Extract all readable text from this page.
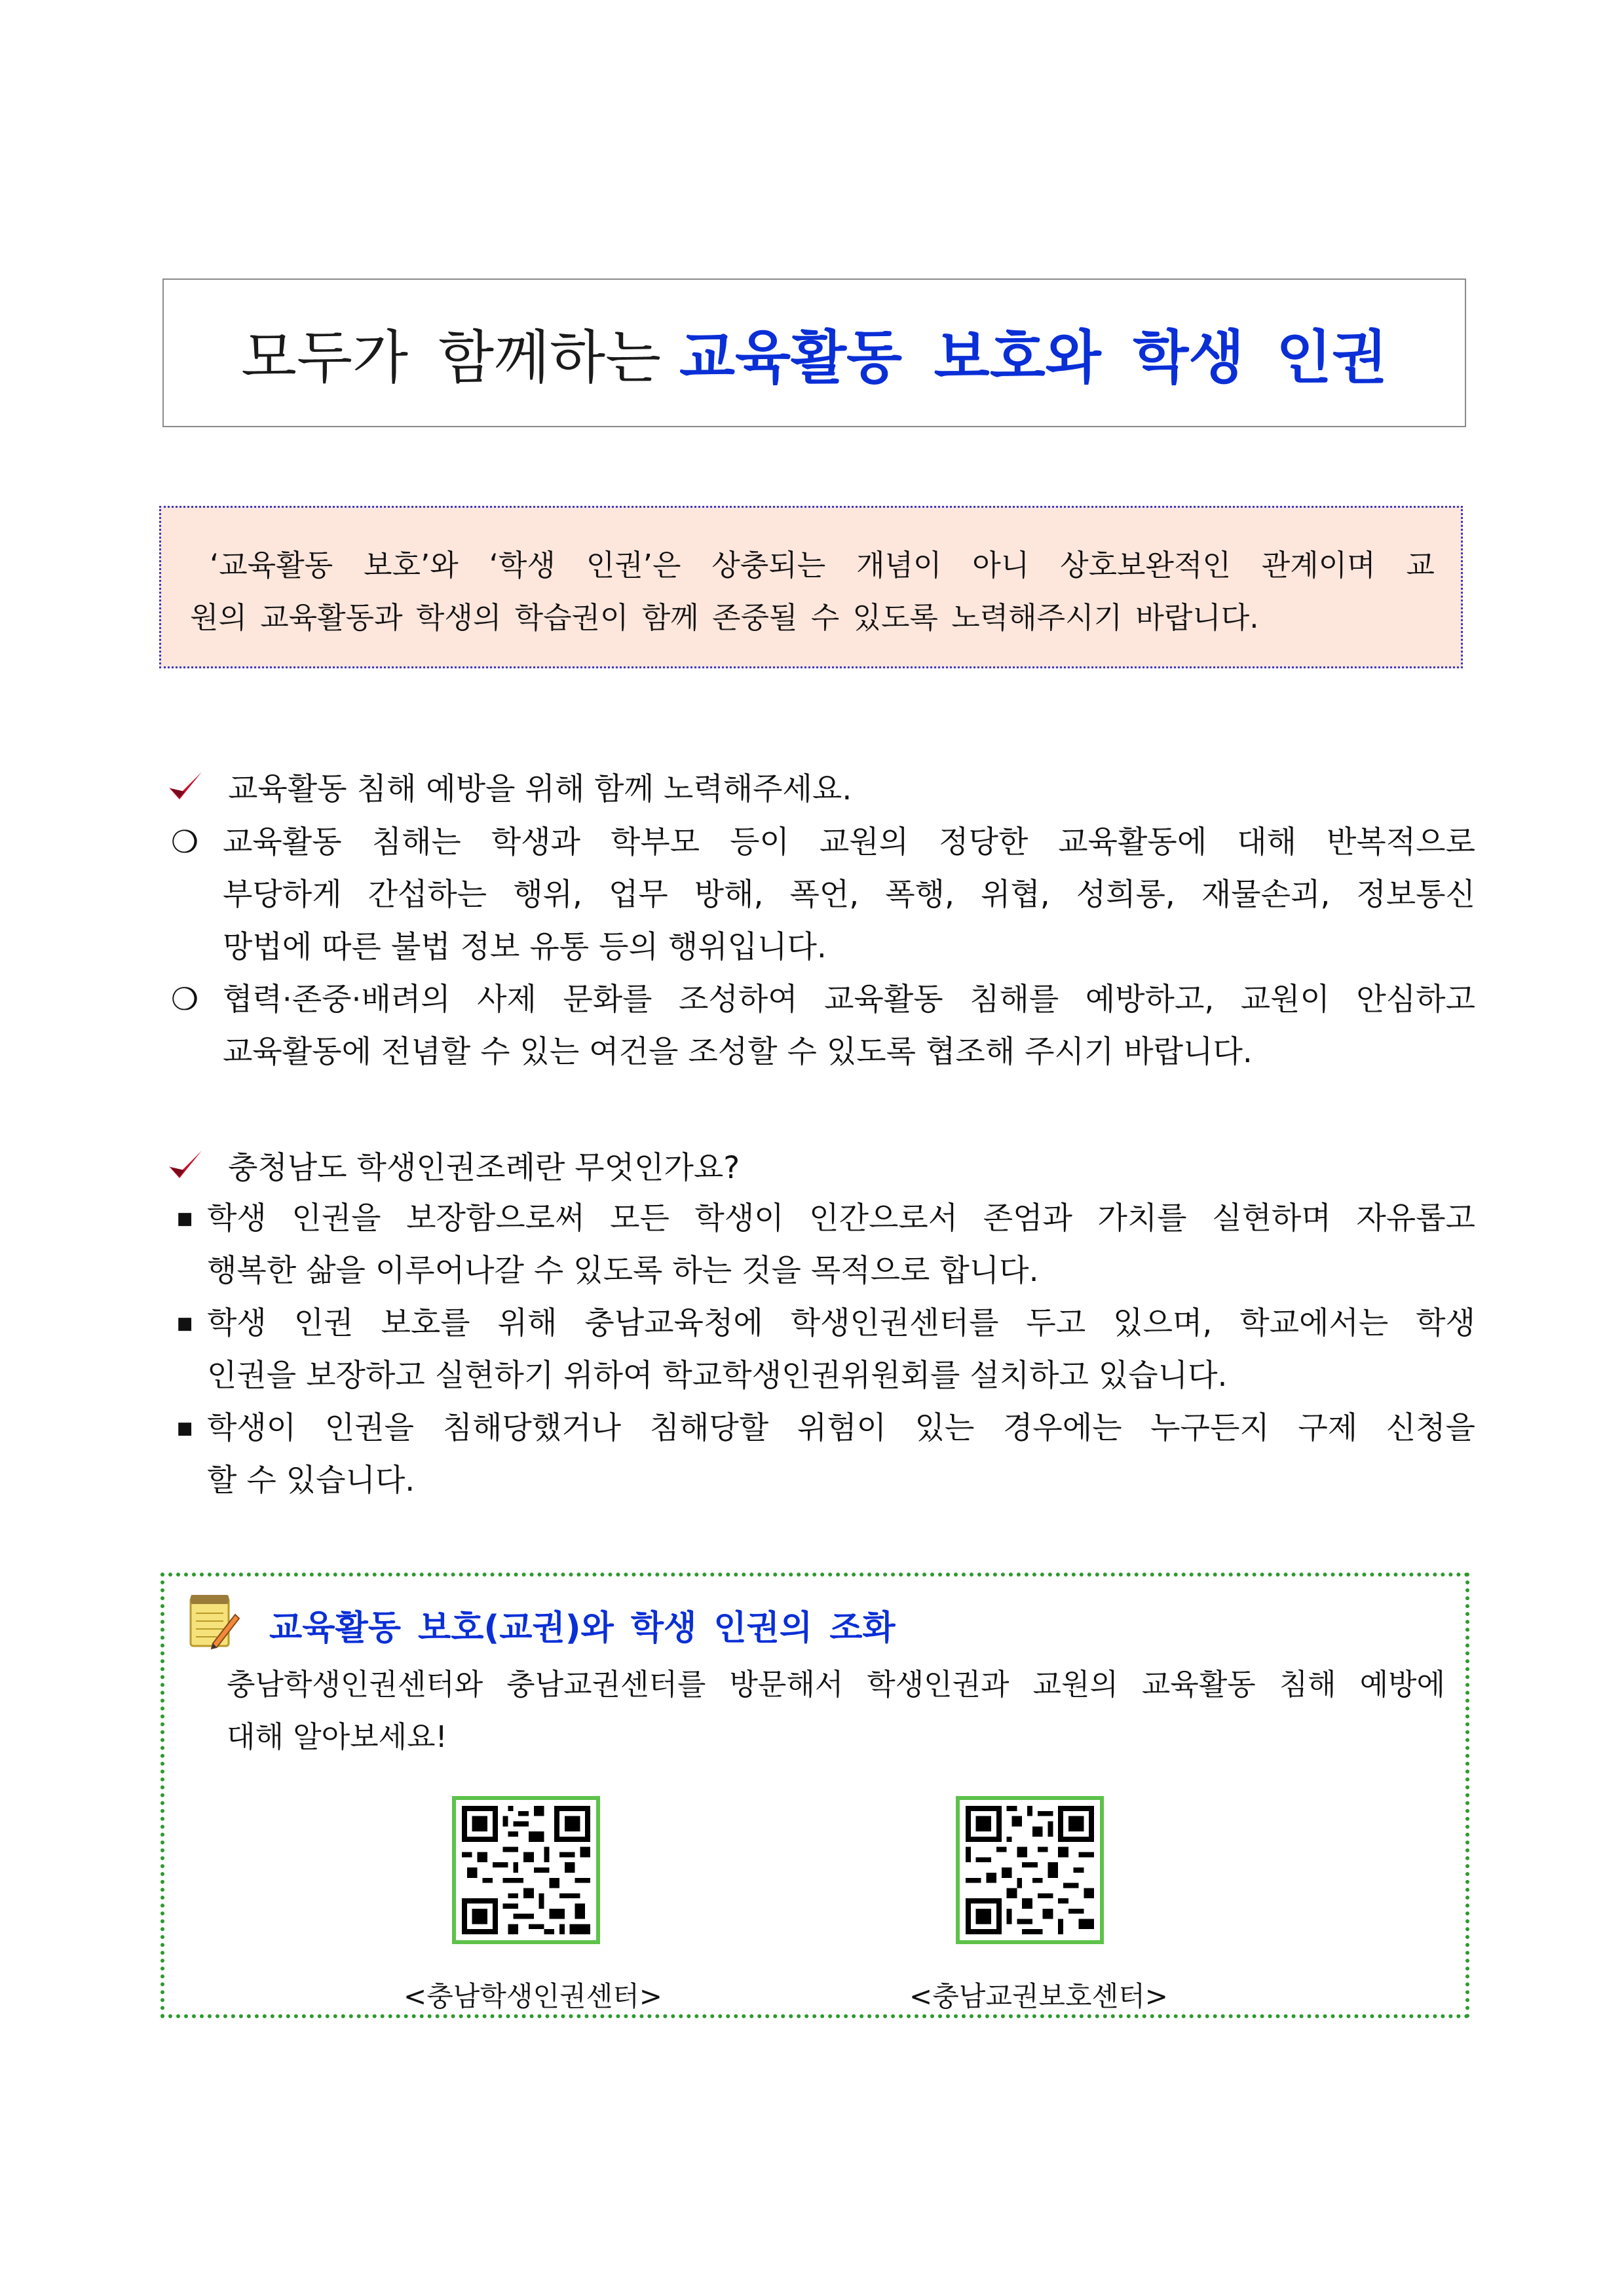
모두가 함께하는 교육활동 보호와 학생 인권
‘교육활동 보호’와 ‘학생 인권’은 상충되는 개념이 아니 상호보완적인 관계이며 교
원의 교육활동과 학생의 학습권이 함께 존중될 수 있도록 노력해주시기 바랍니다.
교육활동 침해 예방을 위해 함께 노력해주세요.
❍ 교육활동 침해는 학생과 학부모 등이 교원의 정당한 교육활동에 대해 반복적으로
부당하게 간섭하는 행위, 업무 방해, 폭언, 폭행, 위협, 성희롱, 재물손괴, 정보통신
망법에 따른 불법 정보 유통 등의 행위입니다.
❍ 협력·존중·배려의 사제 문화를 조성하여 교육활동 침해를 예방하고, 교원이 안심하고
교육활동에 전념할 수 있는 여건을 조성할 수 있도록 협조해 주시기 바랍니다.
충청남도 학생인권조례란 무엇인가요?
■ 학생 인권을 보장함으로써 모든 학생이 인간으로서 존엄과 가치를 실현하며 자유롭고
행복한 삶을 이루어나갈 수 있도록 하는 것을 목적으로 합니다.
■ 학생 인권 보호를 위해 충남교육청에 학생인권센터를 두고 있으며, 학교에서는 학생
인권을 보장하고 실현하기 위하여 학교학생인권위원회를 설치하고 있습니다.
■ 학생이 인권을 침해당했거나 침해당할 위험이 있는 경우에는 누구든지 구제 신청을
할 수 있습니다.
교육활동 보호(교권)와 학생 인권의 조화
충남학생인권센터와 충남교권센터를 방문해서 학생인권과 교원의 교육활동 침해 예방에
대해 알아보세요!
<충남학생인권센터>	<충남교권보호센터>
